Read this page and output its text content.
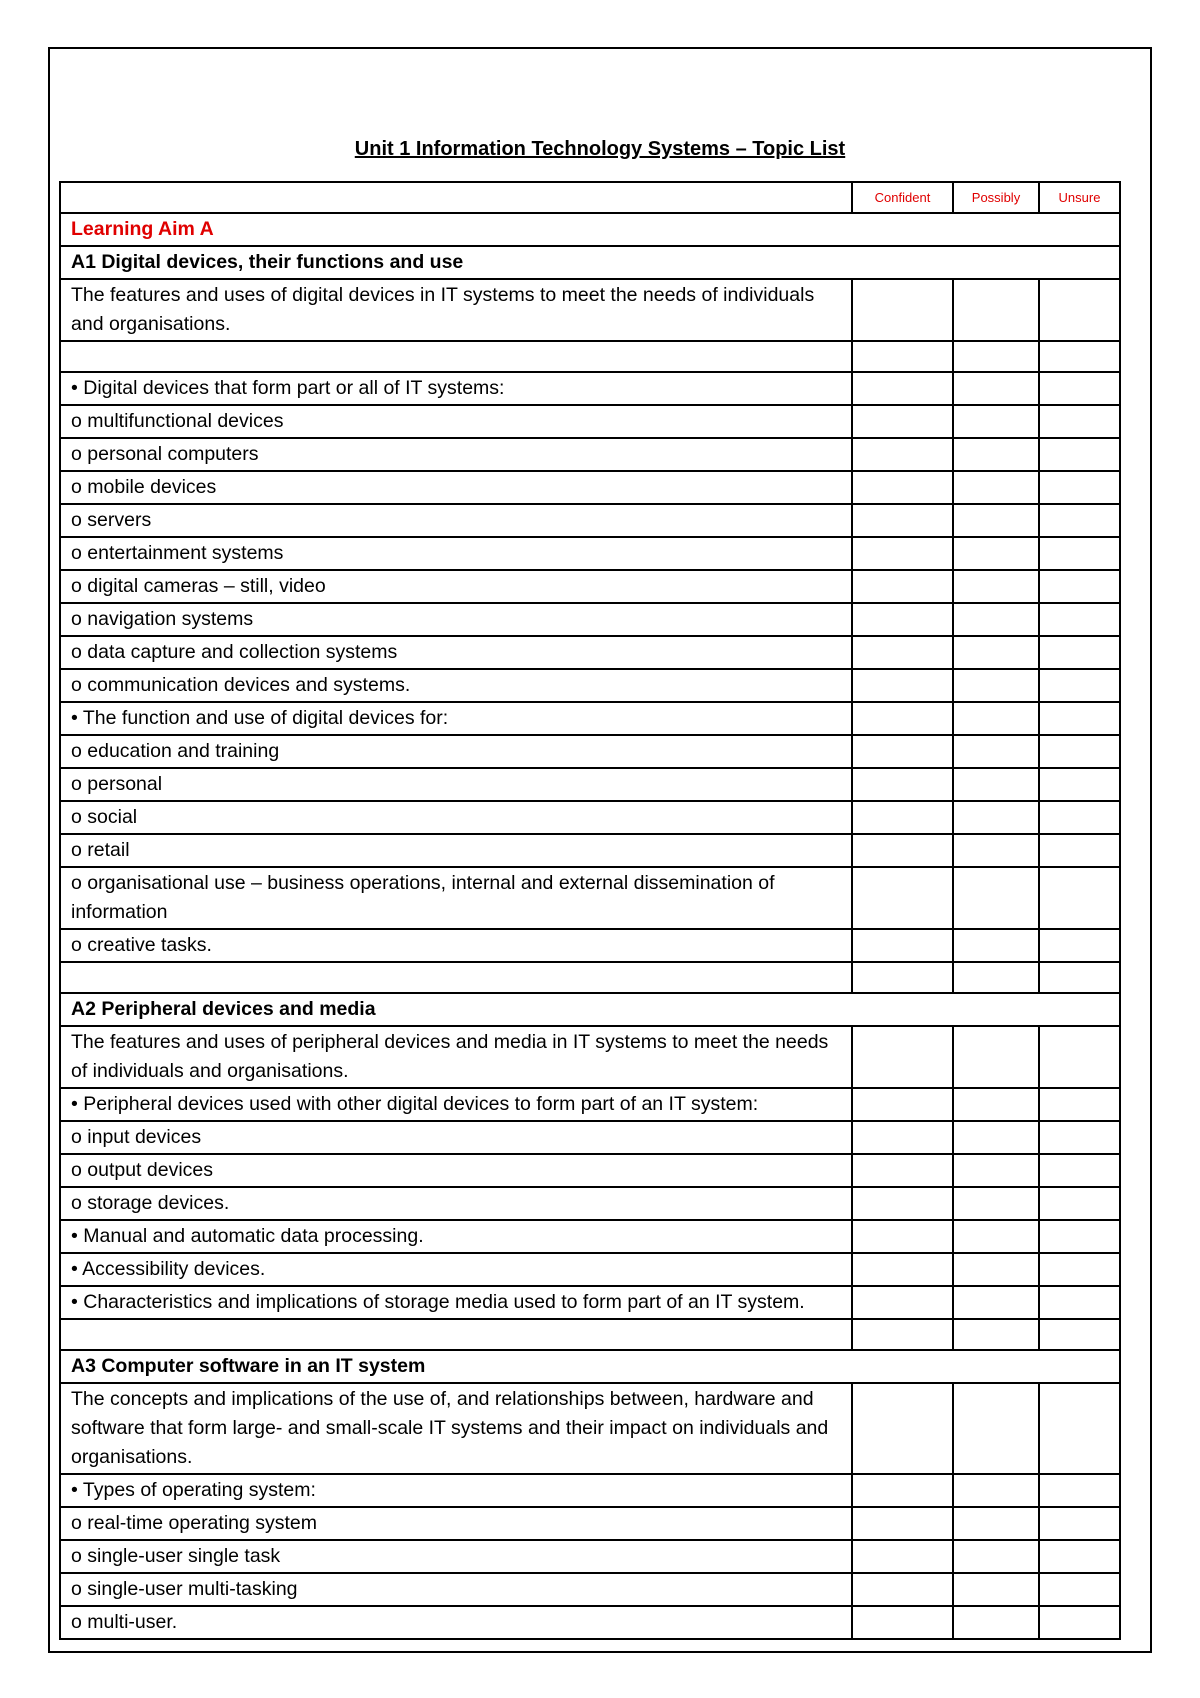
Unit 1 Information Technology Systems – Topic List
	Confident	Possibly	Unsure
Learning Aim A			
A1 Digital devices, their functions and use			
The features and uses of digital devices in IT systems to meet the needs of individuals and organisations.			

• Digital devices that form part or all of IT systems:			
o multifunctional devices			
o personal computers			
o mobile devices			
o servers			
o entertainment systems			
o digital cameras – still, video			
o navigation systems			
o data capture and collection systems			
o communication devices and systems.			
• The function and use of digital devices for:			
o education and training			
o personal			
o social			
o retail			
o organisational use – business operations, internal and external dissemination of information			
o creative tasks.			

A2 Peripheral devices and media			
The features and uses of peripheral devices and media in IT systems to meet the needs of individuals and organisations.			
• Peripheral devices used with other digital devices to form part of an IT system:			
o input devices			
o output devices			
o storage devices.			
• Manual and automatic data processing.			
• Accessibility devices.			
• Characteristics and implications of storage media used to form part of an IT system.			

A3 Computer software in an IT system			
The concepts and implications of the use of, and relationships between, hardware and software that form large- and small-scale IT systems and their impact on individuals and organisations.			
• Types of operating system:			
o real-time operating system			
o single-user single task			
o single-user multi-tasking			
o multi-user.			
